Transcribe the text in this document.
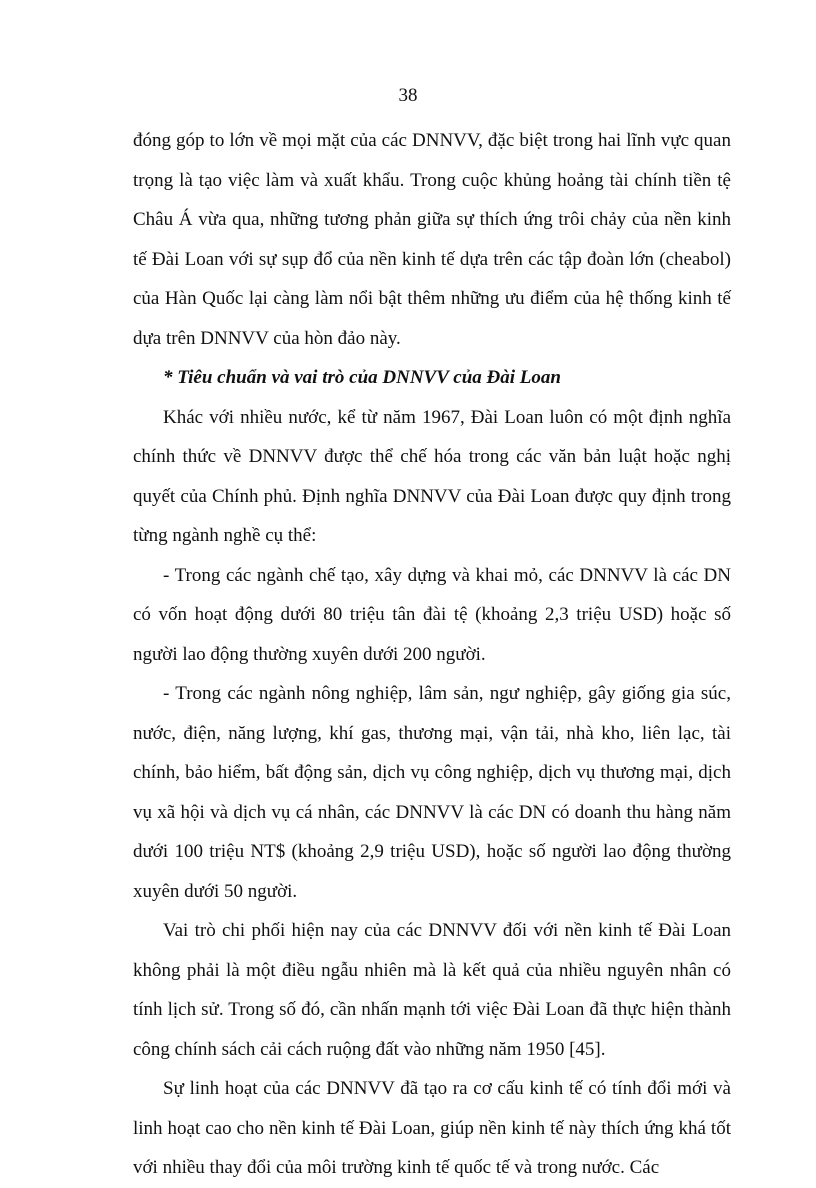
38

đóng góp to lớn về mọi mặt của các DNNVV, đặc biệt trong hai lĩnh vực quan trọng là tạo việc làm và xuất khẩu. Trong cuộc khủng hoảng tài chính tiền tệ Châu Á vừa qua, những tương phản giữa sự thích ứng trôi chảy của nền kinh tế Đài Loan với sự sụp đổ của nền kinh tế dựa trên các tập đoàn lớn (cheabol) của Hàn Quốc lại càng làm nổi bật thêm những ưu điểm của hệ thống kinh tế dựa trên DNNVV của hòn đảo này.

* Tiêu chuẩn và vai trò của DNNVV của Đài Loan

Khác với nhiều nước, kể từ năm 1967, Đài Loan luôn có một định nghĩa chính thức về DNNVV được thể chế hóa trong các văn bản luật hoặc nghị quyết của Chính phủ. Định nghĩa DNNVV của Đài Loan được quy định trong từng ngành nghề cụ thể:

- Trong các ngành chế tạo, xây dựng và khai mỏ, các DNNVV là các DN có vốn hoạt động dưới 80 triệu tân đài tệ (khoảng 2,3 triệu USD) hoặc số người lao động thường xuyên dưới 200 người.

- Trong các ngành nông nghiệp, lâm sản, ngư nghiệp, gây giống gia súc, nước, điện, năng lượng, khí gas, thương mại, vận tải, nhà kho, liên lạc, tài chính, bảo hiểm, bất động sản, dịch vụ công nghiệp, dịch vụ thương mại, dịch vụ xã hội và dịch vụ cá nhân, các DNNVV là các DN có doanh thu hàng năm dưới 100 triệu NT$ (khoảng 2,9 triệu USD), hoặc số người lao động thường xuyên dưới 50 người.

Vai trò chi phối hiện nay của các DNNVV đối với nền kinh tế Đài Loan không phải là một điều ngẫu nhiên mà là kết quả của nhiều nguyên nhân có tính lịch sử. Trong số đó, cần nhấn mạnh tới việc Đài Loan đã thực hiện thành công chính sách cải cách ruộng đất vào những năm 1950 [45].

Sự linh hoạt của các DNNVV đã tạo ra cơ cấu kinh tế có tính đổi mới và linh hoạt cao cho nền kinh tế Đài Loan, giúp nền kinh tế này thích ứng khá tốt với nhiều thay đổi của môi trường kinh tế quốc tế và trong nước. Các
